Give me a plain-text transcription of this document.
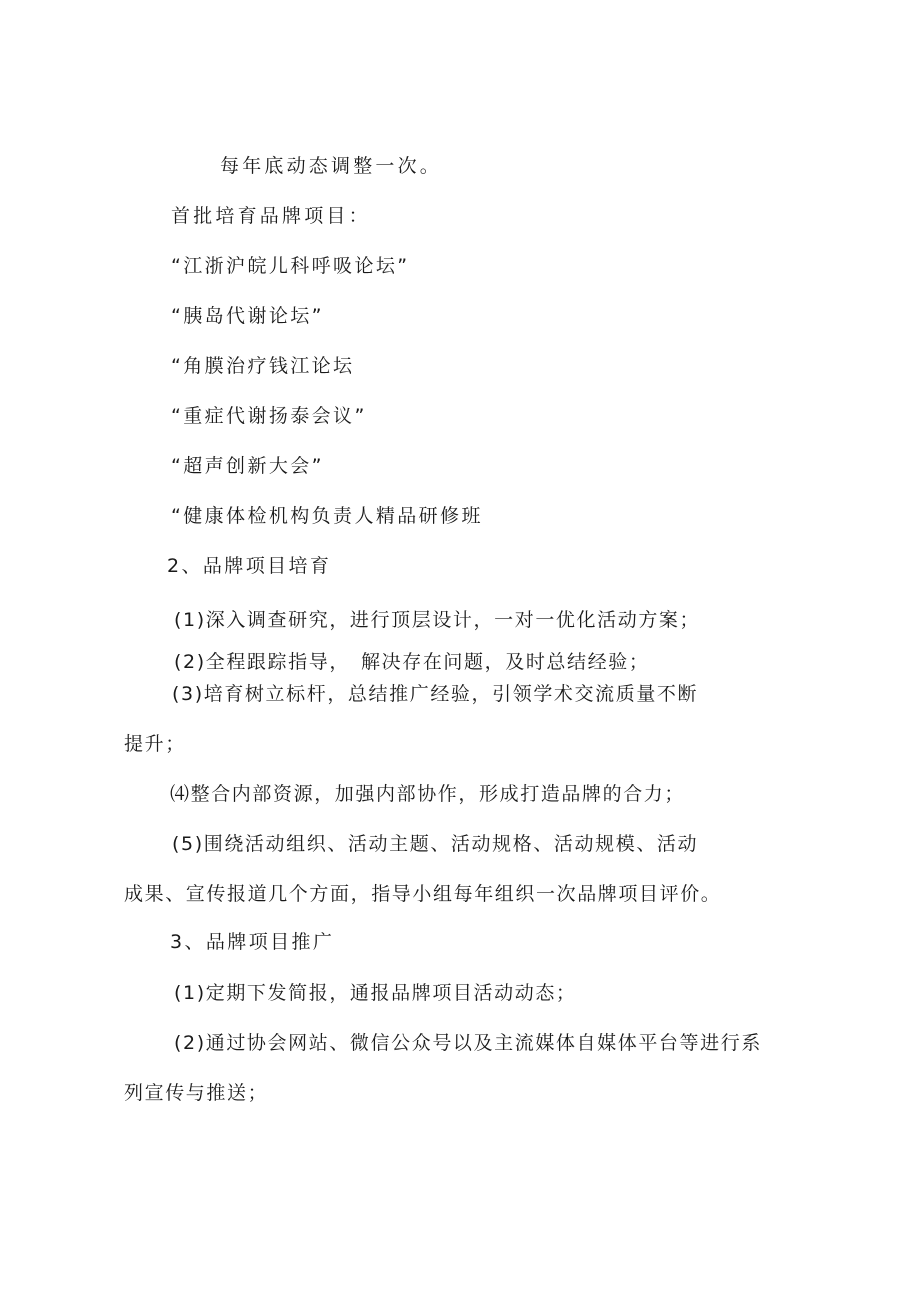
每年底动态调整一次。
首批培育品牌项目：
“江浙沪皖儿科呼吸论坛”
“胰岛代谢论坛”
“角膜治疗钱江论坛
“重症代谢扬泰会议”
“超声创新大会”
“健康体检机构负责人精品研修班
2、品牌项目培育
(1)深入调查研究，进行顶层设计，一对一优化活动方案；
(2)全程跟踪指导，　解决存在问题，及时总结经验；
(3)培育树立标杆，总结推广经验，引领学术交流质量不断
提升；
⑷整合内部资源，加强内部协作，形成打造品牌的合力；
(5)围绕活动组织、活动主题、活动规格、活动规模、活动
成果、宣传报道几个方面，指导小组每年组织一次品牌项目评价。
3、品牌项目推广
(1)定期下发简报，通报品牌项目活动动态；
(2)通过协会网站、微信公众号以及主流媒体自媒体平台等进行系
列宣传与推送；
